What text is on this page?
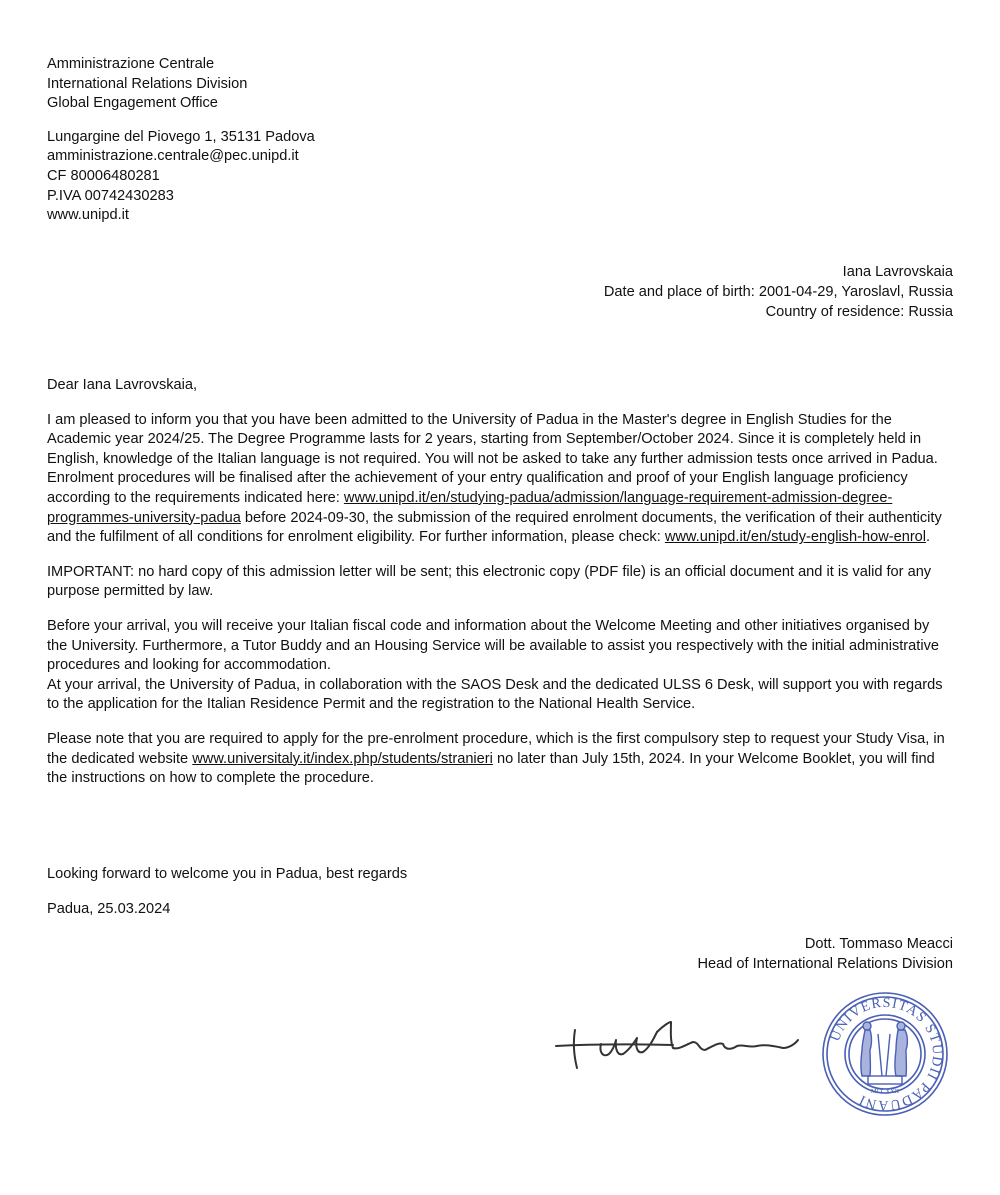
Amministrazione Centrale
International Relations Division
Global Engagement Office
Lungargine del Piovego 1, 35131 Padova
amministrazione.centrale@pec.unipd.it
CF 80006480281
P.IVA 00742430283
www.unipd.it
Iana Lavrovskaia
Date and place of birth: 2001-04-29, Yaroslavl, Russia
Country of residence: Russia

Dear Iana Lavrovskaia,

I am pleased to inform you that you have been admitted to the University of Padua in the Master's degree in English Studies for the Academic year 2024/25. The Degree Programme lasts for 2 years, starting from September/October 2024. Since it is completely held in English, knowledge of the Italian language is not required. You will not be asked to take any further admission tests once arrived in Padua.

Enrolment procedures will be finalised after the achievement of your entry qualification and proof of your English language proficiency according to the requirements indicated here: www.unipd.it/en/studying-padua/admission/language-requirement-admission-degree-programmes-university-padua before 2024-09-30, the submission of the required enrolment documents, the verification of their authenticity and the fulfilment of all conditions for enrolment eligibility. For further information, please check: www.unipd.it/en/study-english-how-enrol.

IMPORTANT: no hard copy of this admission letter will be sent; this electronic copy (PDF file) is an official document and it is valid for any purpose permitted by law.

Before your arrival, you will receive your Italian fiscal code and information about the Welcome Meeting and other initiatives organised by the University. Furthermore, a Tutor Buddy and an Housing Service will be available to assist you respectively with the initial administrative procedures and looking for accommodation.

At your arrival, the University of Padua, in collaboration with the SAOS Desk and the dedicated ULSS 6 Desk, will support you with regards to the application for the Italian Residence Permit and the registration to the National Health Service.

Please note that you are required to apply for the pre-enrolment procedure, which is the first compulsory step to request your Study Visa, in the dedicated website www.universitaly.it/index.php/students/stranieri no later than July 15th, 2024. In your Welcome Booklet, you will find the instructions on how to complete the procedure.

Looking forward to welcome you in Padua, best regards
Padua, 25.03.2024
Dott. Tommaso Meacci
Head of International Relations Division
UNIVERSITAS STUDII PADUANI MCCXXII
